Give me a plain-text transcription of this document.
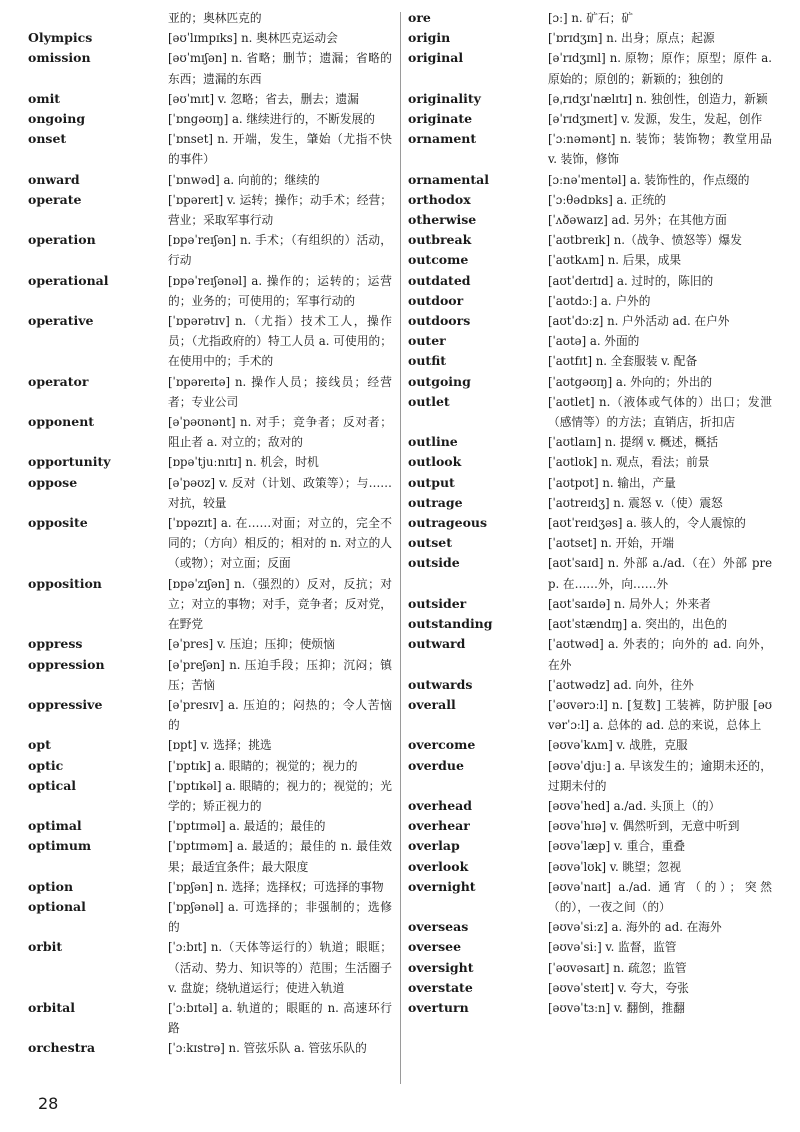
亚的；奥林匹克的
Olympics	[əʊˈlɪmpɪks] n. 奥林匹克运动会
omission	[əʊˈmɪʃən] n. 省略；删节；遗漏；省略的东西；遗漏的东西
omit	[əʊˈmɪt] v. 忽略；省去，删去；遗漏
ongoing	[ˈɒngəʊɪŋ] a. 继续进行的，不断发展的
onset	[ˈɒnset] n. 开端，发生，肇始（尤指不快的事件）
onward	[ˈɒnwəd] a. 向前的；继续的
operate	[ˈɒpəreɪt] v. 运转；操作；动手术；经营；营业；采取军事行动
operation	[ɒpəˈreɪʃən] n. 手术；（有组织的）活动，行动
operational	[ɒpəˈreɪʃənəl] a. 操作的；运转的；运营的；业务的；可使用的；军事行动的
operative	[ˈɒpərətɪv] n.（尤指）技术工人，操作员；（尤指政府的）特工人员 a. 可使用的；在使用中的；手术的
operator	[ˈɒpəreɪtə] n. 操作人员；接线员；经营者；专业公司
opponent	[əˈpəʊnənt] n. 对手；竞争者；反对者；阻止者 a. 对立的；敌对的
opportunity	[ɒpəˈtjuːnɪtɪ] n. 机会，时机
oppose	[əˈpəʊz] v. 反对（计划、政策等）；与……对抗，较量
opposite	[ˈɒpəzɪt] a. 在……对面；对立的，完全不同的；（方向）相反的；相对的 n. 对立的人（或物）；对立面；反面
opposition	[ɒpəˈzɪʃən] n.（强烈的）反对，反抗；对立；对立的事物；对手，竞争者；反对党，在野党
oppress	[əˈpres] v. 压迫；压抑；使烦恼
oppression	[əˈpreʃən] n. 压迫手段；压抑；沉闷；镇压；苦恼
oppressive	[əˈpresɪv] a. 压迫的；闷热的；令人苦恼的
opt	[ɒpt] v. 选择；挑选
optic	[ˈɒptɪk] a. 眼睛的；视觉的；视力的
optical	[ˈɒptɪkəl] a. 眼睛的；视力的；视觉的；光学的；矫正视力的
optimal	[ˈɒptɪməl] a. 最适的；最佳的
optimum	[ˈɒptɪməm] a. 最适的；最佳的 n. 最佳效果；最适宜条件；最大限度
option	[ˈɒpʃən] n. 选择；选择权；可选择的事物
optional	[ˈɒpʃənəl] a. 可选择的；非强制的；选修的
orbit	[ˈɔːbɪt] n.（天体等运行的）轨道；眼眶；（活动、势力、知识等的）范围；生活圈子 v. 盘旋；绕轨道运行；使进入轨道
orbital	[ˈɔːbɪtəl] a. 轨道的；眼眶的 n. 高速环行路
orchestra	[ˈɔːkɪstrə] n. 管弦乐队 a. 管弦乐队的
ore	[ɔː] n. 矿石；矿
origin	[ˈɒrɪdʒɪn] n. 出身；原点；起源
original	[əˈrɪdʒɪnl] n. 原物；原作；原型；原件 a. 原始的；原创的；新颖的；独创的
originality	[əˌrɪdʒɪˈnælɪtɪ] n. 独创性，创造力，新颖
originate	[əˈrɪdʒɪneɪt] v. 发源，发生，发起，创作
ornament	[ˈɔːnəmənt] n. 装饰；装饰物；教堂用品 v. 装饰，修饰
ornamental	[ɔːnəˈmentəl] a. 装饰性的，作点缀的
orthodox	[ˈɔːθədɒks] a. 正统的
otherwise	[ˈʌðəwaɪz] ad. 另外；在其他方面
outbreak	[ˈaʊtbreɪk] n.（战争、愤怒等）爆发
outcome	[ˈaʊtkʌm] n. 后果，成果
outdated	[aʊtˈdeɪtɪd] a. 过时的，陈旧的
outdoor	[ˈaʊtdɔː] a. 户外的
outdoors	[aʊtˈdɔːz] n. 户外活动 ad. 在户外
outer	[ˈaʊtə] a. 外面的
outfit	[ˈaʊtfɪt] n. 全套服装 v. 配备
outgoing	[ˈaʊtgəʊɪŋ] a. 外向的；外出的
outlet	[ˈaʊtlet] n.（液体或气体的）出口；发泄（感情等）的方法；直销店，折扣店
outline	[ˈaʊtlaɪn] n. 提纲 v. 概述，概括
outlook	[ˈaʊtlʊk] n. 观点，看法；前景
output	[ˈaʊtpʊt] n. 输出，产量
outrage	[ˈaʊtreɪdʒ] n. 震怒 v.（使）震怒
outrageous	[aʊtˈreɪdʒəs] a. 骇人的，令人震惊的
outset	[ˈaʊtset] n. 开始，开端
outside	[aʊtˈsaɪd] n. 外部 a./ad.（在）外部 prep. 在……外，向……外
outsider	[aʊtˈsaɪdə] n. 局外人；外来者
outstanding	[aʊtˈstændɪŋ] a. 突出的，出色的
outward	[ˈaʊtwəd] a. 外表的；向外的 ad. 向外，在外
outwards	[ˈaʊtwədz] ad. 向外，往外
overall	[ˈəʊvərɔːl] n. [复数] 工装裤，防护服 [əʊvərˈɔːl] a. 总体的 ad. 总的来说，总体上
overcome	[əʊvəˈkʌm] v. 战胜，克服
overdue	[əʊvəˈdjuː] a. 早该发生的；逾期未还的，过期未付的
overhead	[əʊvəˈhed] a./ad. 头顶上（的）
overhear	[əʊvəˈhɪə] v. 偶然听到，无意中听到
overlap	[əʊvəˈlæp] v. 重合，重叠
overlook	[əʊvəˈlʊk] v. 眺望；忽视
overnight	[əʊvəˈnaɪt] a./ad. 通宵（的）；突然（的），一夜之间（的）
overseas	[əʊvəˈsiːz] a. 海外的 ad. 在海外
oversee	[əʊvəˈsiː] v. 监督，监管
oversight	[ˈəʊvəsaɪt] n. 疏忽；监管
overstate	[əʊvəˈsteɪt] v. 夸大，夸张
overturn	[əʊvəˈtɜːn] v. 翻倒，推翻
28
